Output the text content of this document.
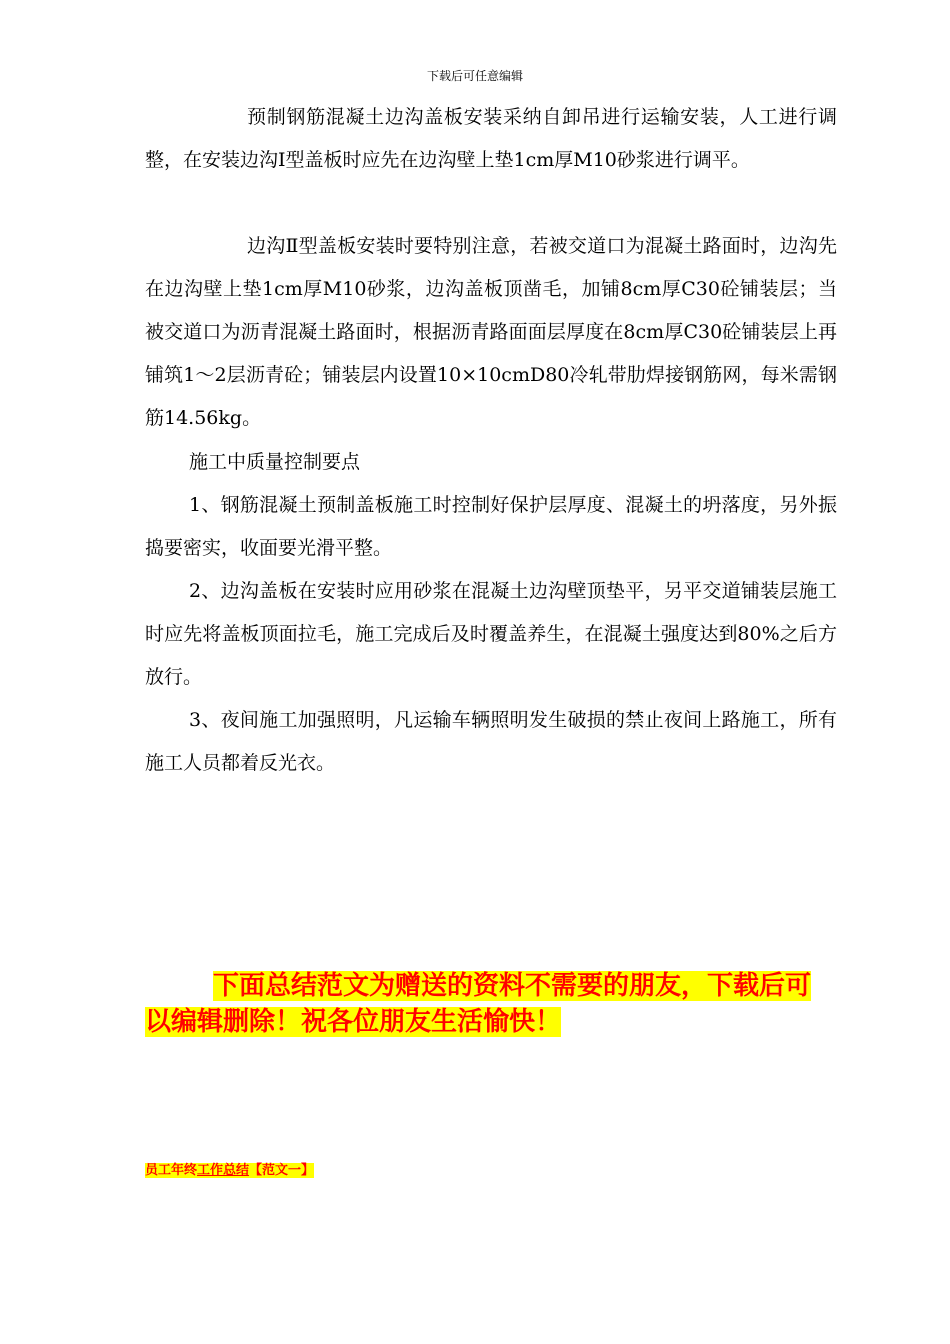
下载后可任意编辑

预制钢筋混凝土边沟盖板安装采纳自卸吊进行运输安装，人工进行调整，在安装边沟Ⅰ型盖板时应先在边沟壁上垫1cm厚M10砂浆进行调平。

边沟Ⅱ型盖板安装时要特别注意，若被交道口为混凝土路面时，边沟先在边沟壁上垫1cm厚M10砂浆，边沟盖板顶凿毛，加铺8cm厚C30砼铺装层；当被交道口为沥青混凝土路面时，根据沥青路面面层厚度在8cm厚C30砼铺装层上再铺筑1～2层沥青砼；铺装层内设置10×10cmD80冷轧带肋焊接钢筋网，每米需钢筋14.56kg。

施工中质量控制要点

1、钢筋混凝土预制盖板施工时控制好保护层厚度、混凝土的坍落度，另外振捣要密实，收面要光滑平整。

2、边沟盖板在安装时应用砂浆在混凝土边沟壁顶垫平，另平交道铺装层施工时应先将盖板顶面拉毛，施工完成后及时覆盖养生，在混凝土强度达到80%之后方放行。

3、夜间施工加强照明，凡运输车辆照明发生破损的禁止夜间上路施工，所有施工人员都着反光衣。

下面总结范文为赠送的资料不需要的朋友，下载后可以编辑删除！祝各位朋友生活愉快！

员工年终工作总结【范文一】
